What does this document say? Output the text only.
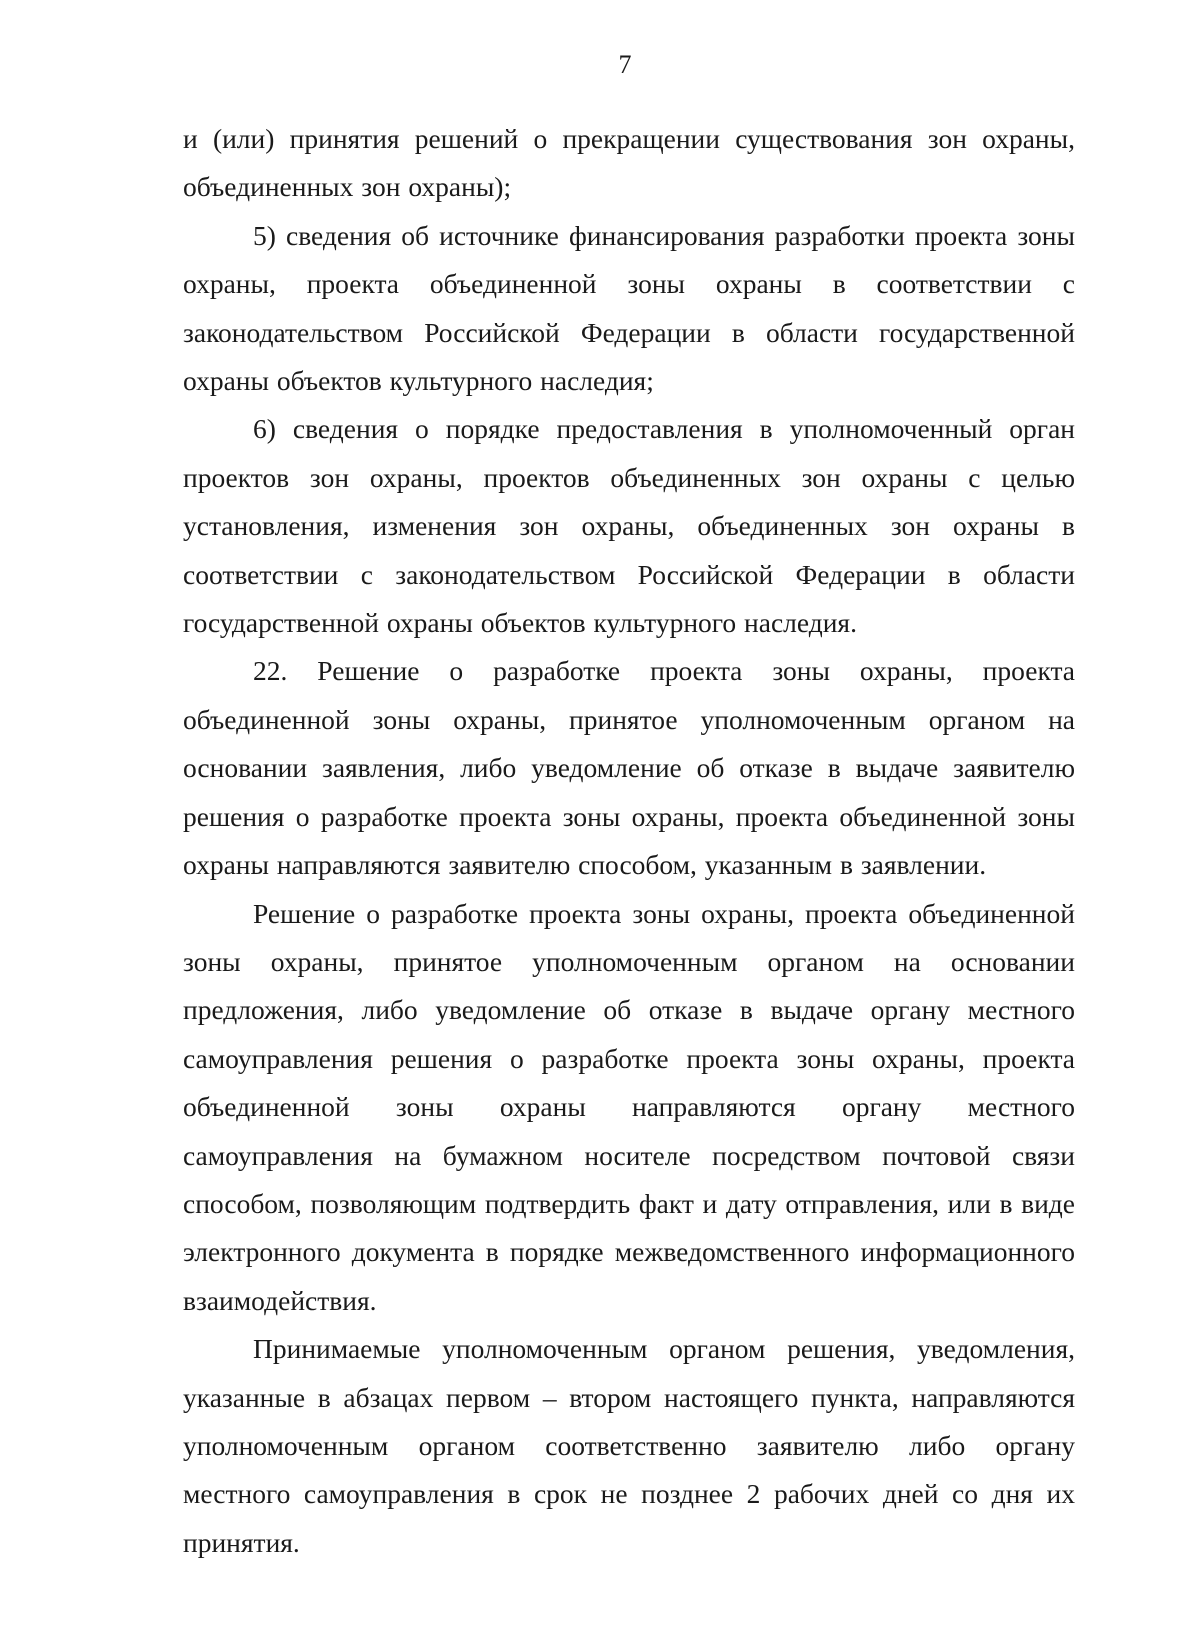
7

и (или) принятия решений о прекращении существования зон охраны, объединенных зон охраны);

5) сведения об источнике финансирования разработки проекта зоны охраны, проекта объединенной зоны охраны в соответствии с законодательством Российской Федерации в области государственной охраны объектов культурного наследия;

6) сведения о порядке предоставления в уполномоченный орган проектов зон охраны, проектов объединенных зон охраны с целью установления, изменения зон охраны, объединенных зон охраны в соответствии с законодательством Российской Федерации в области государственной охраны объектов культурного наследия.

22. Решение о разработке проекта зоны охраны, проекта объединенной зоны охраны, принятое уполномоченным органом на основании заявления, либо уведомление об отказе в выдаче заявителю решения о разработке проекта зоны охраны, проекта объединенной зоны охраны направляются заявителю способом, указанным в заявлении.

Решение о разработке проекта зоны охраны, проекта объединенной зоны охраны, принятое уполномоченным органом на основании предложения, либо уведомление об отказе в выдаче органу местного самоуправления решения о разработке проекта зоны охраны, проекта объединенной зоны охраны направляются органу местного самоуправления на бумажном носителе посредством почтовой связи способом, позволяющим подтвердить факт и дату отправления, или в виде электронного документа в порядке межведомственного информационного взаимодействия.

Принимаемые уполномоченным органом решения, уведомления, указанные в абзацах первом – втором настоящего пункта, направляются уполномоченным органом соответственно заявителю либо органу местного самоуправления в срок не позднее 2 рабочих дней со дня их принятия.
